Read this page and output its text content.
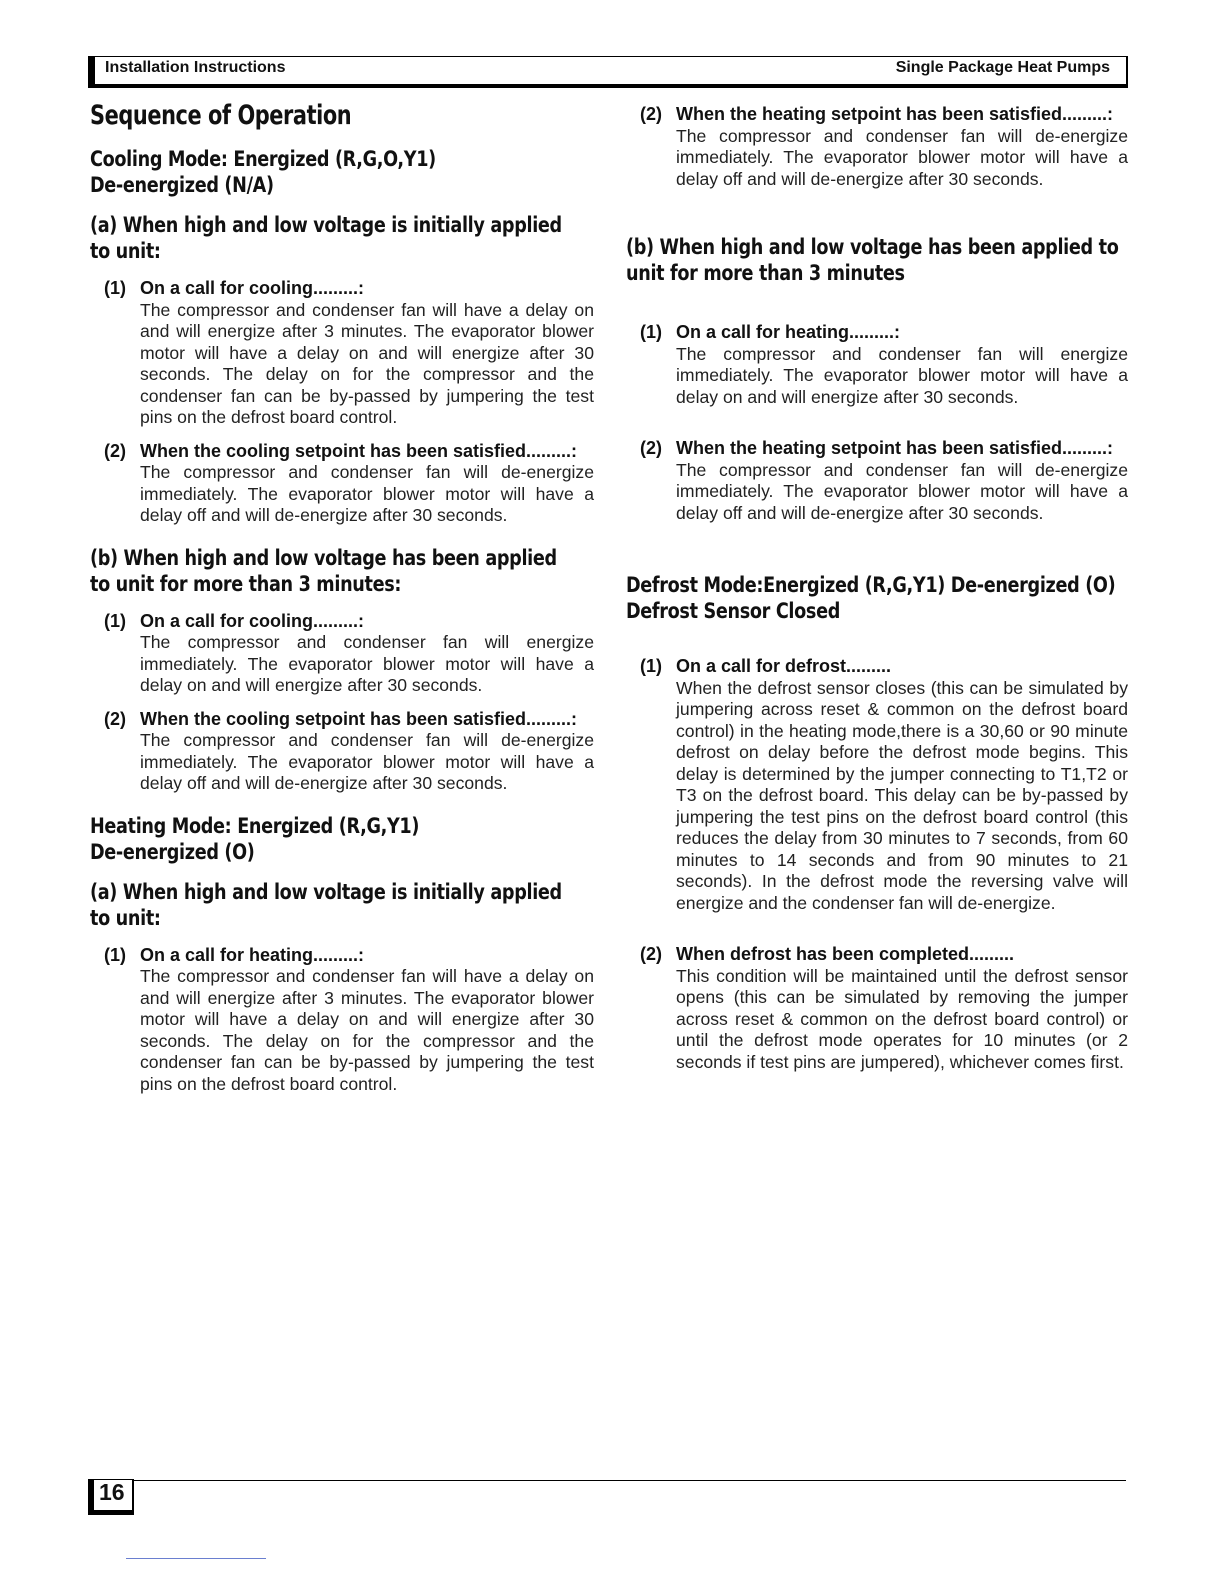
Installation Instructions	Single Package Heat Pumps
Sequence of Operation
Cooling Mode: Energized (R,G,O,Y1)
De-energized (N/A)
(a) When high and low voltage is initially applied
to unit:
(1) On a call for cooling.........:
The compressor and condenser fan will have a delay on and will energize after 3 minutes. The evaporator blower motor will have a delay on and will energize after 30 seconds. The delay on for the compressor and the condenser fan can be by-passed by jumpering the test pins on the defrost board control.
(2) When the cooling setpoint has been satisfied.........:
The compressor and condenser fan will de-energize immediately. The evaporator blower motor will have a delay off and will de-energize after 30 seconds.
(b) When high and low voltage has been applied
to unit for more than 3 minutes:
(1) On a call for cooling.........:
The compressor and condenser fan will energize immediately. The evaporator blower motor will have a delay on and will energize after 30 seconds.
(2) When the cooling setpoint has been satisfied.........:
The compressor and condenser fan will de-energize immediately. The evaporator blower motor will have a delay off and will de-energize after 30 seconds.
Heating Mode: Energized (R,G,Y1)
De-energized (O)
(a) When high and low voltage is initially applied
to unit:
(1) On a call for heating.........:
The compressor and condenser fan will have a delay on and will energize after 3 minutes. The evaporator blower motor will have a delay on and will energize after 30 seconds. The delay on for the compressor and the condenser fan can be by-passed by jumpering the test pins on the defrost board control.
(2) When the heating setpoint has been satisfied.........:
The compressor and condenser fan will de-energize immediately. The evaporator blower motor will have a delay off and will de-energize after 30 seconds.
(b) When high and low voltage has been applied to
unit for more than 3 minutes
(1) On a call for heating.........:
The compressor and condenser fan will energize immediately. The evaporator blower motor will have a delay on and will energize after 30 seconds.
(2) When the heating setpoint has been satisfied.........:
The compressor and condenser fan will de-energize immediately. The evaporator blower motor will have a delay off and will de-energize after 30 seconds.
Defrost Mode:Energized (R,G,Y1) De-energized (O)
Defrost Sensor Closed
(1) On a call for defrost.........
When the defrost sensor closes (this can be simulated by jumpering across reset & common on the defrost board control) in the heating mode,there is a 30,60 or 90 minute defrost on delay before the defrost mode begins. This delay is determined by the jumper connecting to T1,T2 or T3 on the defrost board. This delay can be by-passed by jumpering the test pins on the defrost board control (this reduces the delay from 30 minutes to 7 seconds, from 60 minutes to 14 seconds and from 90 minutes to 21 seconds). In the defrost mode the reversing valve will energize and the condenser fan will de-energize.
(2) When defrost has been completed.........
This condition will be maintained until the defrost sensor opens (this can be simulated by removing the jumper across reset & common on the defrost board control) or until the defrost mode operates for 10 minutes (or 2 seconds if test pins are jumpered), whichever comes first.
16
